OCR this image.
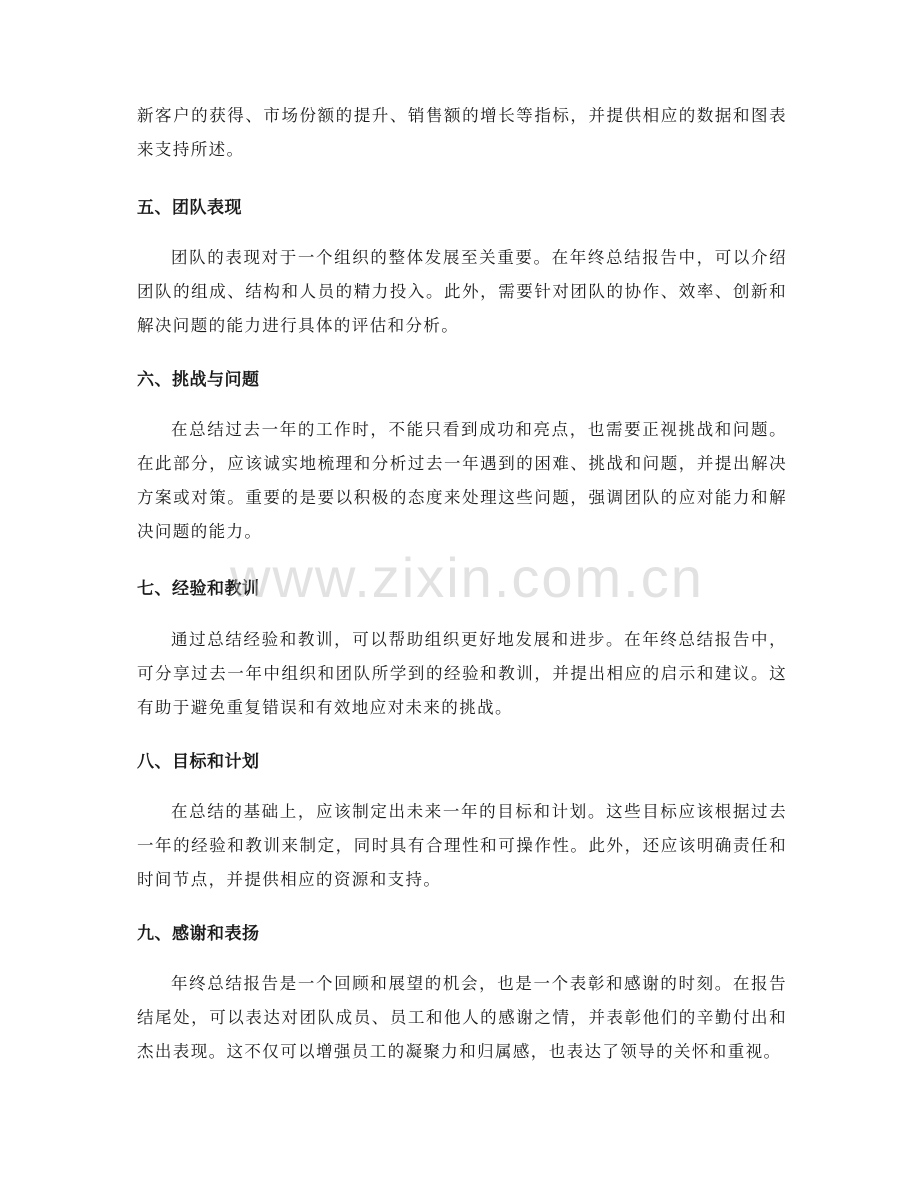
新客户的获得、市场份额的提升、销售额的增长等指标，并提供相应的数据和图表来支持所述。

五、团队表现

团队的表现对于一个组织的整体发展至关重要。在年终总结报告中，可以介绍团队的组成、结构和人员的精力投入。此外，需要针对团队的协作、效率、创新和解决问题的能力进行具体的评估和分析。

六、挑战与问题

在总结过去一年的工作时，不能只看到成功和亮点，也需要正视挑战和问题。在此部分，应该诚实地梳理和分析过去一年遇到的困难、挑战和问题，并提出解决方案或对策。重要的是要以积极的态度来处理这些问题，强调团队的应对能力和解决问题的能力。

七、经验和教训

通过总结经验和教训，可以帮助组织更好地发展和进步。在年终总结报告中，可分享过去一年中组织和团队所学到的经验和教训，并提出相应的启示和建议。这有助于避免重复错误和有效地应对未来的挑战。

八、目标和计划

在总结的基础上，应该制定出未来一年的目标和计划。这些目标应该根据过去一年的经验和教训来制定，同时具有合理性和可操作性。此外，还应该明确责任和时间节点，并提供相应的资源和支持。

九、感谢和表扬

年终总结报告是一个回顾和展望的机会，也是一个表彰和感谢的时刻。在报告结尾处，可以表达对团队成员、员工和他人的感谢之情，并表彰他们的辛勤付出和杰出表现。这不仅可以增强员工的凝聚力和归属感，也表达了领导的关怀和重视。

www.zixin.com.cn
